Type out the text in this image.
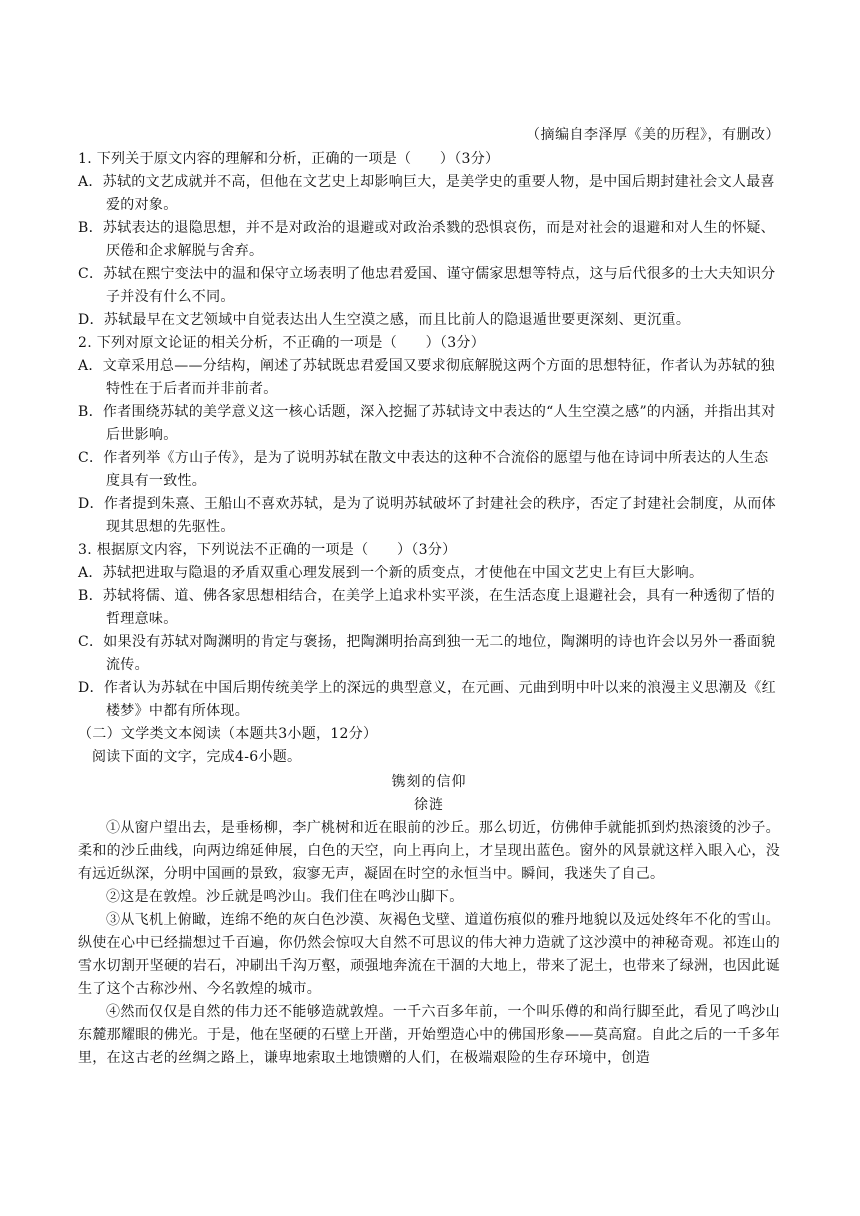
（摘编自李泽厚《美的历程》，有删改）

1. 下列关于原文内容的理解和分析，正确的一项是（　　）（3分）

A．苏轼的文艺成就并不高，但他在文艺史上却影响巨大，是美学史的重要人物，是中国后期封建社会文人最喜爱的对象。

B．苏轼表达的退隐思想，并不是对政治的退避或对政治杀戮的恐惧哀伤，而是对社会的退避和对人生的怀疑、厌倦和企求解脱与舍弃。

C．苏轼在熙宁变法中的温和保守立场表明了他忠君爱国、谨守儒家思想等特点，这与后代很多的士大夫知识分子并没有什么不同。

D．苏轼最早在文艺领域中自觉表达出人生空漠之感，而且比前人的隐退遁世要更深刻、更沉重。

2. 下列对原文论证的相关分析，不正确的一项是（　　）（3分）

A．文章采用总——分结构，阐述了苏轼既忠君爱国又要求彻底解脱这两个方面的思想特征，作者认为苏轼的独特性在于后者而并非前者。

B．作者围绕苏轼的美学意义这一核心话题，深入挖掘了苏轼诗文中表达的“人生空漠之感”的内涵，并指出其对后世影响。

C．作者列举《方山子传》，是为了说明苏轼在散文中表达的这种不合流俗的愿望与他在诗词中所表达的人生态度具有一致性。

D．作者提到朱熹、王船山不喜欢苏轼，是为了说明苏轼破坏了封建社会的秩序，否定了封建社会制度，从而体现其思想的先驱性。

3. 根据原文内容，下列说法不正确的一项是（　　）（3分）

A．苏轼把进取与隐退的矛盾双重心理发展到一个新的质变点，才使他在中国文艺史上有巨大影响。

B．苏轼将儒、道、佛各家思想相结合，在美学上追求朴实平淡，在生活态度上退避社会，具有一种透彻了悟的哲理意味。

C．如果没有苏轼对陶渊明的肯定与褒扬，把陶渊明抬高到独一无二的地位，陶渊明的诗也许会以另外一番面貌流传。

D．作者认为苏轼在中国后期传统美学上的深远的典型意义，在元画、元曲到明中叶以来的浪漫主义思潮及《红楼梦》中都有所体现。

（二）文学类文本阅读（本题共3小题，12分）

阅读下面的文字，完成4-6小题。

镌刻的信仰

徐涟

①从窗户望出去，是垂杨柳，李广桃树和近在眼前的沙丘。那么切近，仿佛伸手就能抓到灼热滚烫的沙子。柔和的沙丘曲线，向两边绵延伸展，白色的天空，向上再向上，才呈现出蓝色。窗外的风景就这样入眼入心，没有远近纵深，分明中国画的景致，寂寥无声，凝固在时空的永恒当中。瞬间，我迷失了自己。

②这是在敦煌。沙丘就是鸣沙山。我们住在鸣沙山脚下。

③从飞机上俯瞰，连绵不绝的灰白色沙漠、灰褐色戈壁、道道伤痕似的雅丹地貌以及远处终年不化的雪山。纵使在心中已经揣想过千百遍，你仍然会惊叹大自然不可思议的伟大神力造就了这沙漠中的神秘奇观。祁连山的雪水切割开坚硬的岩石，冲刷出千沟万壑，顽强地奔流在干涸的大地上，带来了泥土，也带来了绿洲，也因此诞生了这个古称沙州、今名敦煌的城市。

④然而仅仅是自然的伟力还不能够造就敦煌。一千六百多年前，一个叫乐僔的和尚行脚至此，看见了鸣沙山东麓那耀眼的佛光。于是，他在坚硬的石壁上开凿，开始塑造心中的佛国形象——莫高窟。自此之后的一千多年里，在这古老的丝绸之路上，谦卑地索取土地馈赠的人们，在极端艰险的生存环境中，创造
